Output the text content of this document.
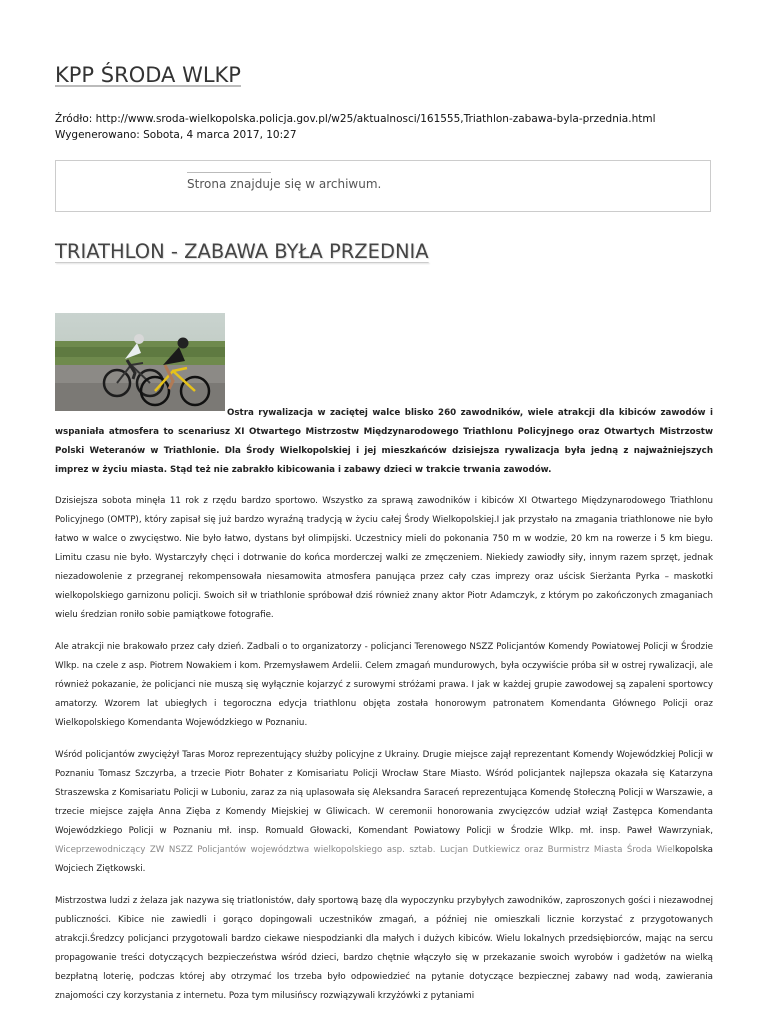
KPP ŚRODA WLKP
Źródło: http://www.sroda-wielkopolska.policja.gov.pl/w25/aktualnosci/161555,Triathlon-zabawa-byla-przednia.html
Wygenerowano: Sobota, 4 marca 2017, 10:27
Strona znajduje się w archiwum.
TRIATHLON - ZABAWA BYŁA PRZEDNIA

Ostra rywalizacja w zaciętej walce blisko 260 zawodników, wiele atrakcji dla kibiców zawodów i wspaniała atmosfera to scenariusz XI Otwartego Mistrzostw Międzynarodowego Triathlonu Policyjnego oraz Otwartych Mistrzostw Polski Weteranów w Triathlonie. Dla Środy Wielkopolskiej i jej mieszkańców dzisiejsza rywalizacja była jedną z najważniejszych imprez w życiu miasta. Stąd też nie zabrakło kibicowania i zabawy dzieci w trakcie trwania zawodów.

Dzisiejsza sobota minęła 11 rok z rzędu bardzo sportowo. Wszystko za sprawą zawodników i kibiców XI Otwartego Międzynarodowego Triathlonu Policyjnego (OMTP), który zapisał się już bardzo wyraźną tradycją w życiu całej Środy Wielkopolskiej.I jak przystało na zmagania triathlonowe nie było łatwo w walce o zwycięstwo. Nie było łatwo, dystans był olimpijski. Uczestnicy mieli do pokonania 750 m w wodzie, 20 km na rowerze i 5 km biegu. Limitu czasu nie było. Wystarczyły chęci i dotrwanie do końca morderczej walki ze zmęczeniem. Niekiedy zawiodły siły, innym razem sprzęt, jednak niezadowolenie z przegranej rekompensowała niesamowita atmosfera panująca przez cały czas imprezy oraz uścisk Sierżanta Pyrka – maskotki wielkopolskiego garnizonu policji. Swoich sił w triathlonie spróbował dziś również znany aktor Piotr Adamczyk, z którym po zakończonych zmaganiach wielu średzian roniło sobie pamiątkowe fotografie.

Ale atrakcji nie brakowało przez cały dzień. Zadbali o to organizatorzy - policjanci Terenowego NSZZ Policjantów Komendy Powiatowej Policji w Środzie Wlkp. na czele z asp. Piotrem Nowakiem i kom. Przemysławem Ardelii. Celem zmagań mundurowych, była oczywiście próba sił w ostrej rywalizacji, ale również pokazanie, że policjanci nie muszą się wyłącznie kojarzyć z surowymi stróżami prawa. I jak w każdej grupie zawodowej są zapaleni sportowcy amatorzy. Wzorem lat ubiegłych i tegoroczna edycja triathlonu objęta została honorowym patronatem Komendanta Głównego Policji oraz Wielkopolskiego Komendanta Wojewódzkiego w Poznaniu.

Wśród policjantów zwyciężył Taras Moroz reprezentujący służby policyjne z Ukrainy. Drugie miejsce zajął reprezentant Komendy Wojewódzkiej Policji w Poznaniu Tomasz Szczyrba, a trzecie Piotr Bohater z Komisariatu Policji Wrocław Stare Miasto. Wśród policjantek najlepsza okazała się Katarzyna Straszewska z Komisariatu Policji w Luboniu, zaraz za nią uplasowała się Aleksandra Saraceń reprezentująca Komendę Stołeczną Policji w Warszawie, a trzecie miejsce zajęła Anna Zięba z Komendy Miejskiej w Gliwicach. W ceremonii honorowania zwycięzców udział wziął Zastępca Komendanta Wojewódzkiego Policji w Poznaniu mł. insp. Romuald Głowacki, Komendant Powiatowy Policji w Środzie Wlkp. mł. insp. Paweł Wawrzyniak, Wiceprzewodniczący ZW NSZZ Policjantów województwa wielkopolskiego asp. sztab. Lucjan Dutkiewicz oraz Burmistrz Miasta Środa Wielkopolska Wojciech Ziętkowski.

Mistrzostwa ludzi z żelaza jak nazywa się triatlonistów, dały sportową bazę dla wypoczynku przybyłych zawodników, zaproszonych gości i niezawodnej publiczności. Kibice nie zawiedli i gorąco dopingowali uczestników zmagań, a później nie omieszkali licznie korzystać z przygotowanych atrakcji.Średzcy policjanci przygotowali bardzo ciekawe niespodzianki dla małych i dużych kibiców. Wielu lokalnych przedsiębiorców, mając na sercu propagowanie treści dotyczących bezpieczeństwa wśród dzieci, bardzo chętnie włączyło się w przekazanie swoich wyrobów i gadżetów na wielką bezpłatną loterię, podczas której aby otrzymać los trzeba było odpowiedzieć na pytanie dotyczące bezpiecznej zabawy nad wodą, zawierania znajomości czy korzystania z internetu. Poza tym milusińscy rozwiązywali krzyżówki z pytaniami
